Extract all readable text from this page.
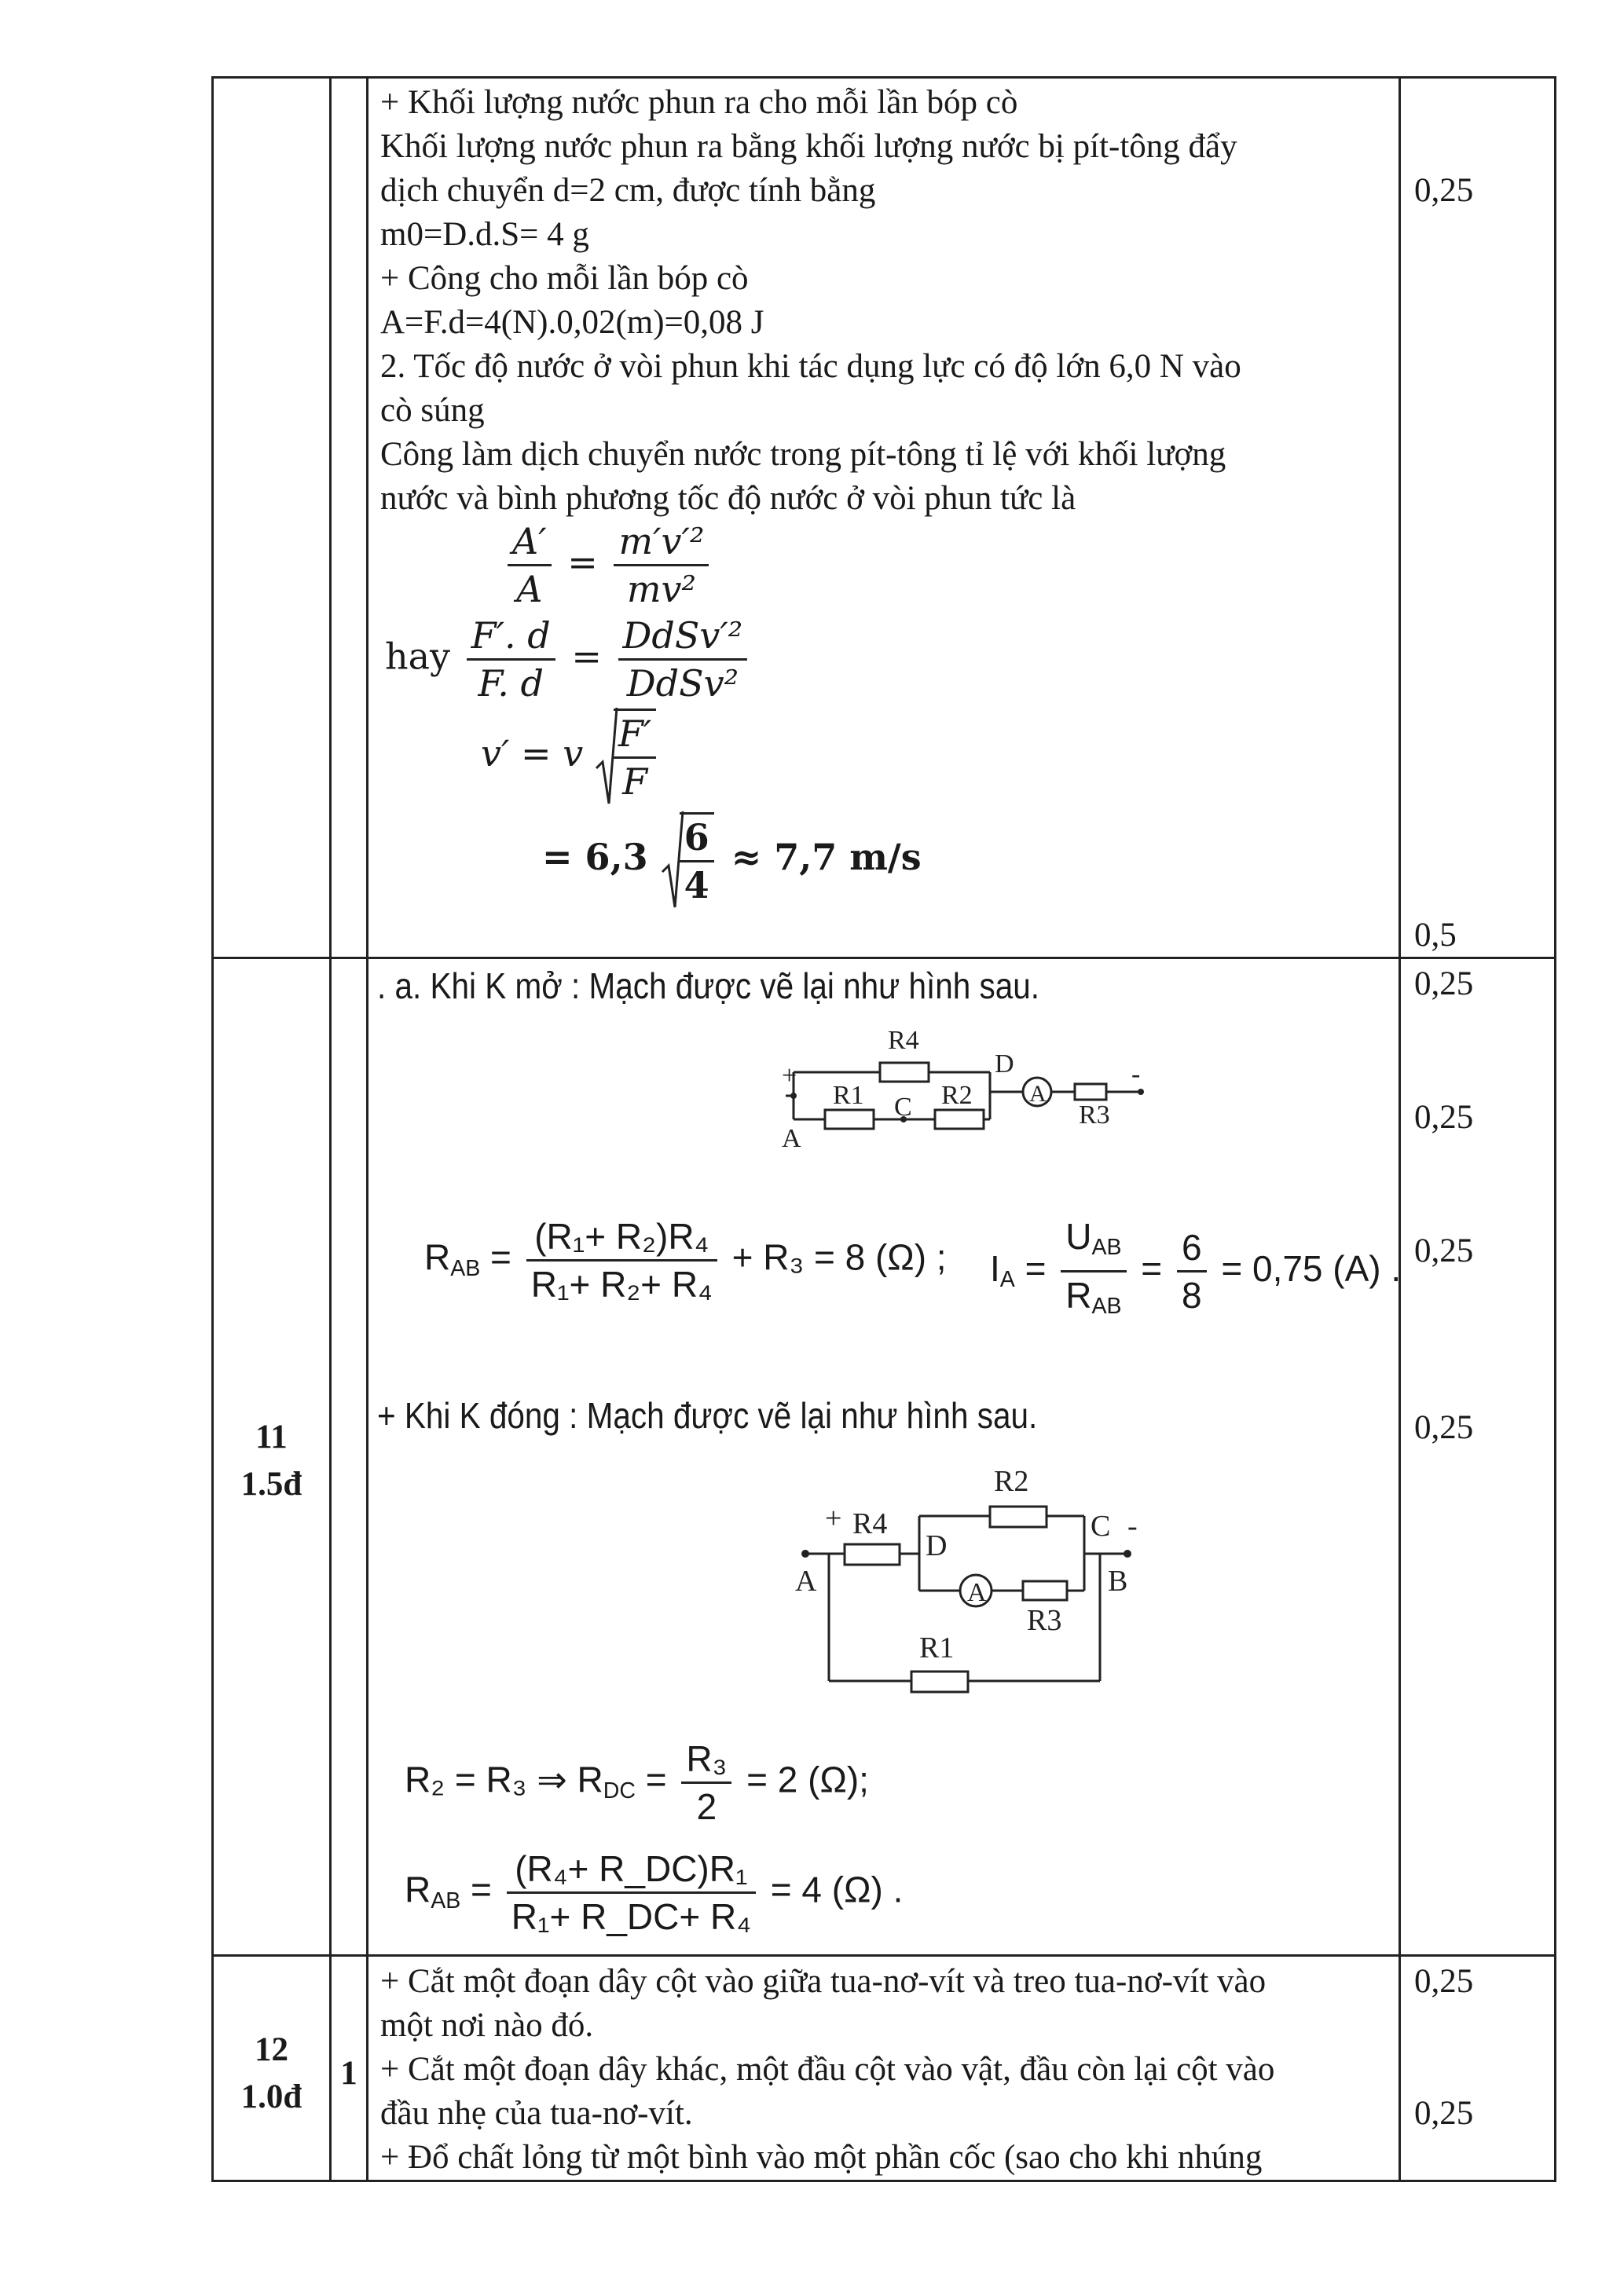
+ Khối lượng nước phun ra cho mỗi lần bóp cò
Khối lượng nước phun ra bằng khối lượng nước bị pít-tông đẩy
dịch chuyển d=2 cm, được tính bằng
m0=D.d.S= 4 g
+ Công cho mỗi lần bóp cò
A=F.d=4(N).0,02(m)=0,08 J
2. Tốc độ nước ở vòi phun khi tác dụng lực có độ lớn 6,0 N vào
cò súng
Công làm dịch chuyển nước trong pít-tông tỉ lệ với khối lượng
nước và bình phương tốc độ nước ở vòi phun tức là
$\frac{A'}{A} = \frac{\text{m′v′²}}{\text{mv²}}$
hay $\frac{F'. d}{F. d} = \frac{\text{DdSv′²}}{\text{DdSv²}}$
v′ = v $\frac{F'}{F}$
= $6,3 \frac{6}{4} \approx 7,7$ m/s
0,25
0,5
11
1.5đ
. a. Khi K mở : Mạch được vẽ lại như hình sau.
R4
R1 C R2
D
A
R3
A
+	-
$R_{AB} = \frac{\text{(R₁+ R₂)R₄}}{\text{R₁+ R₂+ R₄}} + R_3 = 8$ (Ω) ; $I_A = \frac{U_{AB}}{R_{AB}} = \frac{6}{8} = 0,75$ (A) .
+ Khi K đóng : Mạch được vẽ lại như hình sau.
+ R4
D
R2
C -
A
R3
B
A
R1
R₂ = R₃ ⇒ $R_{DC} = \frac{\text{R₃}}{2} = 2$ (Ω);
$R_{AB} = \frac{\text{(R₄+ R\_DC)R₁}}{\text{R₁+ R\_DC+ R₄}} = 4$ (Ω) .
0,25
0,25
0,25
0,25
12
1.0đ
1
+ Cắt một đoạn dây cột vào giữa tua-nơ-vít và treo tua-nơ-vít vào
một nơi nào đó.
+ Cắt một đoạn dây khác, một đầu cột vào vật, đầu còn lại cột vào
đầu nhẹ của tua-nơ-vít.
+ Đổ chất lỏng từ một bình vào một phần cốc (sao cho khi nhúng
0,25
0,25
